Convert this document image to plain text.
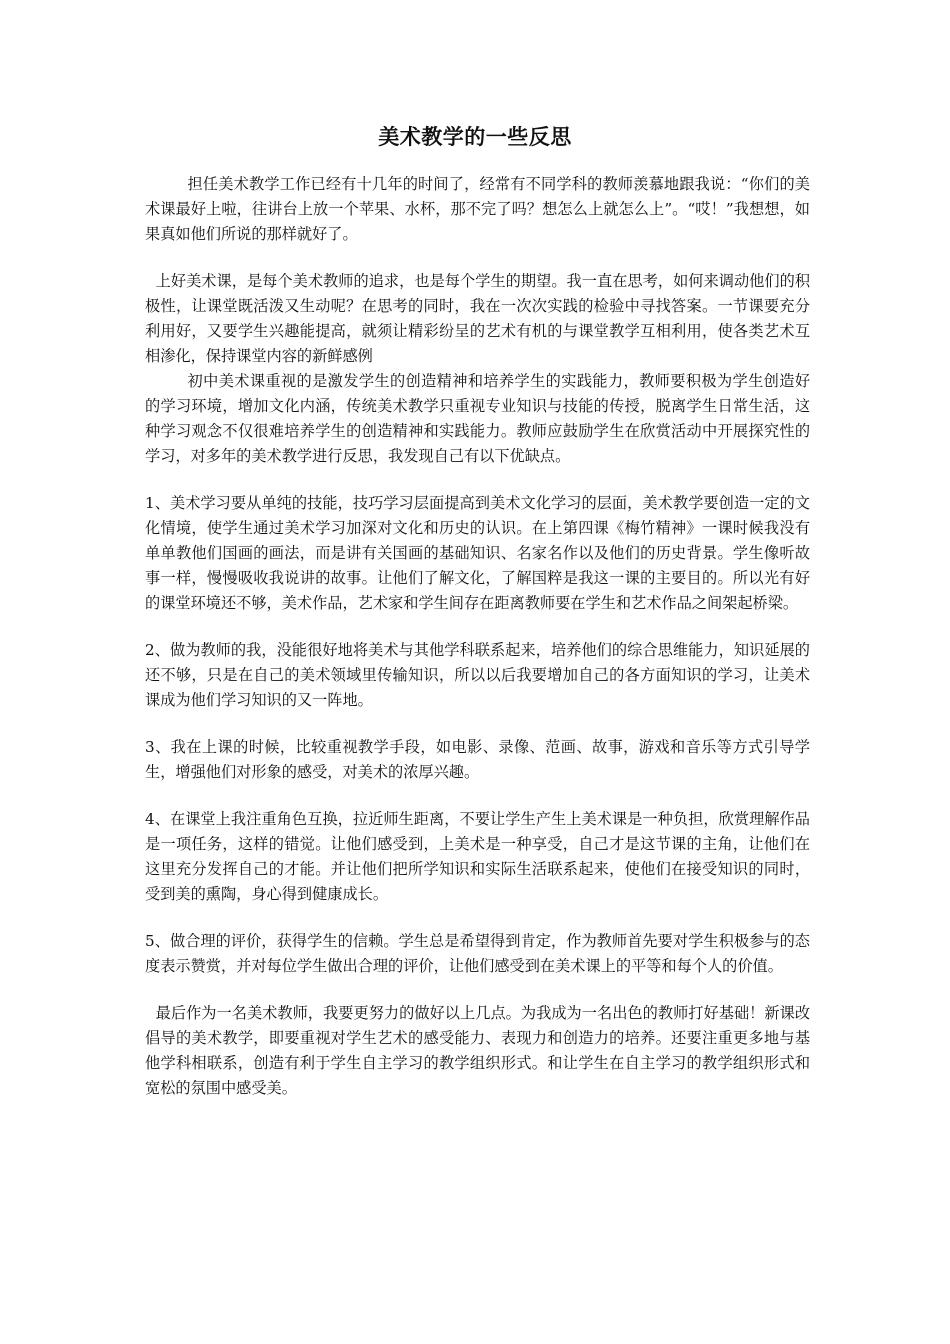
美术教学的一些反思

担任美术教学工作已经有十几年的时间了，经常有不同学科的教师羡慕地跟我说：“你们的美术课最好上啦，往讲台上放一个苹果、水杯，那不完了吗？想怎么上就怎么上”。“哎！”我想想，如果真如他们所说的那样就好了。

上好美术课，是每个美术教师的追求，也是每个学生的期望。我一直在思考，如何来调动他们的积极性，让课堂既活泼又生动呢？在思考的同时，我在一次次实践的检验中寻找答案。一节课要充分利用好，又要学生兴趣能提高，就须让精彩纷呈的艺术有机的与课堂教学互相利用，使各类艺术互相渗化，保持课堂内容的新鲜感例

初中美术课重视的是激发学生的创造精神和培养学生的实践能力，教师要积极为学生创造好的学习环境，增加文化内涵，传统美术教学只重视专业知识与技能的传授，脱离学生日常生活，这种学习观念不仅很难培养学生的创造精神和实践能力。教师应鼓励学生在欣赏活动中开展探究性的学习，对多年的美术教学进行反思，我发现自己有以下优缺点。

1、美术学习要从单纯的技能，技巧学习层面提高到美术文化学习的层面，美术教学要创造一定的文化情境，使学生通过美术学习加深对文化和历史的认识。在上第四课《梅竹精神》一课时候我没有单单教他们国画的画法，而是讲有关国画的基础知识、名家名作以及他们的历史背景。学生像听故事一样，慢慢吸收我说讲的故事。让他们了解文化，了解国粹是我这一课的主要目的。所以光有好的课堂环境还不够，美术作品，艺术家和学生间存在距离教师要在学生和艺术作品之间架起桥梁。

2、做为教师的我，没能很好地将美术与其他学科联系起来，培养他们的综合思维能力，知识延展的还不够，只是在自己的美术领域里传输知识，所以以后我要增加自己的各方面知识的学习，让美术课成为他们学习知识的又一阵地。

3、我在上课的时候，比较重视教学手段，如电影、录像、范画、故事，游戏和音乐等方式引导学生，增强他们对形象的感受，对美术的浓厚兴趣。

4、在课堂上我注重角色互换，拉近师生距离，不要让学生产生上美术课是一种负担，欣赏理解作品是一项任务，这样的错觉。让他们感受到，上美术是一种享受，自己才是这节课的主角，让他们在这里充分发挥自己的才能。并让他们把所学知识和实际生活联系起来，使他们在接受知识的同时，受到美的熏陶，身心得到健康成长。

5、做合理的评价，获得学生的信赖。学生总是希望得到肯定，作为教师首先要对学生积极参与的态度表示赞赏，并对每位学生做出合理的评价，让他们感受到在美术课上的平等和每个人的价值。

最后作为一名美术教师，我要更努力的做好以上几点。为我成为一名出色的教师打好基础！新课改倡导的美术教学，即要重视对学生艺术的感受能力、表现力和创造力的培养。还要注重更多地与基他学科相联系，创造有利于学生自主学习的教学组织形式。和让学生在自主学习的教学组织形式和宽松的氛围中感受美。
